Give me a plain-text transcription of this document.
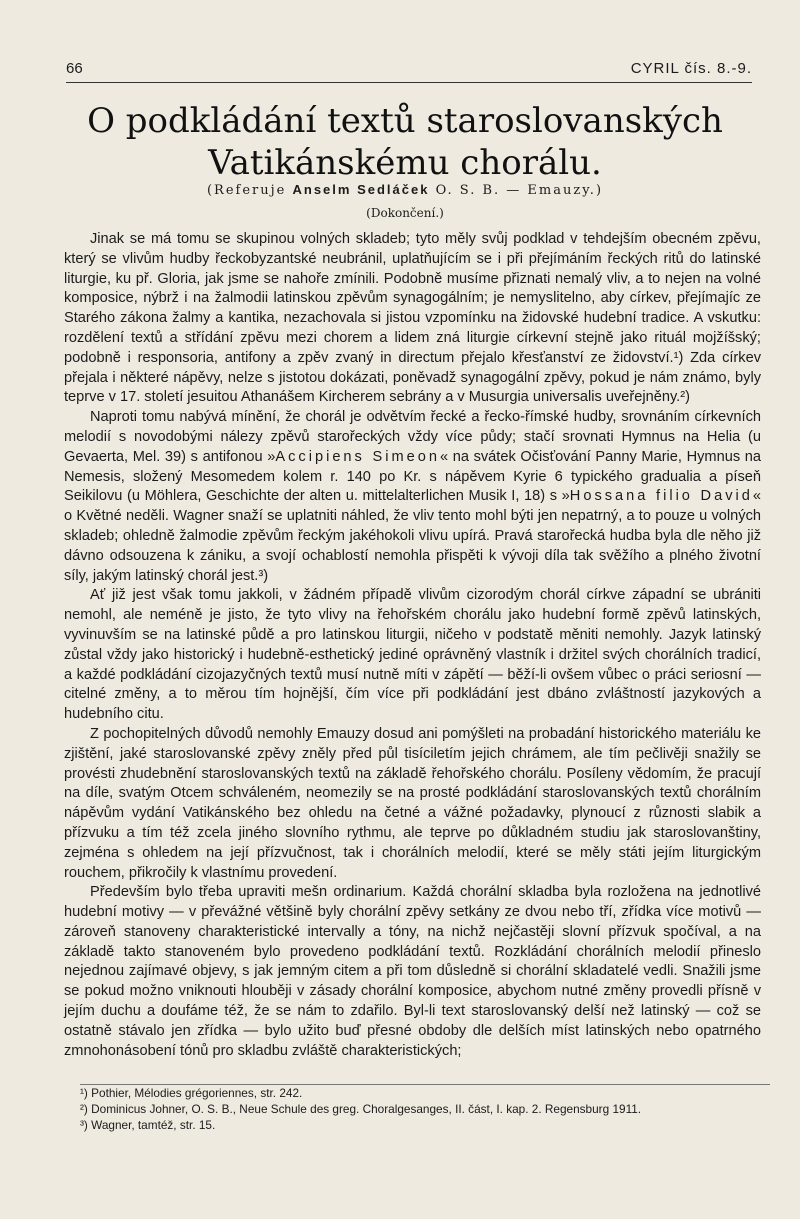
66	CYRIL čís. 8.-9.
O podkládání textů staroslovanských
Vatikánskému chorálu.

(Referuje Anselm Sedláček O. S. B. — Emauzy.)

(Dokončení.)

Jinak se má tomu se skupinou volných skladeb; tyto měly svůj podklad v tehdejším obecném zpěvu, který se vlivům hudby řeckobyzantské neubránil, uplatňujícím se i při přejímáním řeckých ritů do latinské liturgie, ku př. Gloria, jak jsme se nahoře zmínili. Podobně musíme přiznati nemalý vliv, a to nejen na volné komposice, nýbrž i na žalmodii latinskou zpěvům synagogálním; je nemyslitelno, aby církev, přejímajíc ze Starého zákona žalmy a kantika, nezachovala si jistou vzpomínku na židovské hudební tradice. A vskutku: rozdělení textů a střídání zpěvu mezi chorem a lidem zná liturgie církevní stejně jako rituál mojžíšský; podobně i responsoria, antifony a zpěv zvaný in directum přejalo křesťanství ze židovství.¹) Zda církev přejala i některé nápěvy, nelze s jistotou dokázati, poněvadž synagogální zpěvy, pokud je nám známo, byly teprve v 17. století jesuitou Athanášem Kircherem sebrány a v Musurgia universalis uveřejněny.²)

Naproti tomu nabývá mínění, že chorál je odvětvím řecké a řecko-římské hudby, srovnáním církevních melodií s novodobými nálezy zpěvů starořeckých vždy více půdy; stačí srovnati Hymnus na Helia (u Gevaerta, Mel. 39) s antifonou »Accipiens Simeon« na svátek Očisťování Panny Marie, Hymnus na Nemesis, složený Mesomedem kolem r. 140 po Kr. s nápěvem Kyrie 6 typického gradualia a píseň Seikilovu (u Möhlera, Geschichte der alten u. mittelalterlichen Musik I, 18) s »Hossana filio David« o Květné neděli. Wagner snaží se uplatniti náhled, že vliv tento mohl býti jen nepatrný, a to pouze u volných skladeb; ohledně žalmodie zpěvům řeckým jakéhokoli vlivu upírá. Pravá starořecká hudba byla dle něho již dávno odsouzena k zániku, a svojí ochablostí nemohla přispěti k vývoji díla tak svěžího a plného životní síly, jakým latinský chorál jest.³)

Ať již jest však tomu jakkoli, v žádném případě vlivům cizorodým chorál církve západní se ubrániti nemohl, ale neméně je jisto, že tyto vlivy na řehořském chorálu jako hudební formě zpěvů latinských, vyvinuvším se na latinské půdě a pro latinskou liturgii, ničeho v podstatě měniti nemohly. Jazyk latinský zůstal vždy jako historický i hudebně-esthetický jediné oprávněný vlastník i držitel svých chorálních tradicí, a každé podkládání cizojazyčných textů musí nutně míti v zápětí — běží-li ovšem vůbec o práci seriosní — citelné změny, a to měrou tím hojnější, čím více při podkládání jest dbáno zvláštností jazykových a hudebního citu.

Z pochopitelných důvodů nemohly Emauzy dosud ani pomýšleti na probadání historického materiálu ke zjištění, jaké staroslovanské zpěvy zněly před půl tisíciletím jejich chrámem, ale tím pečlivěji snažily se provésti zhudebnění staroslovanských textů na základě řehořského chorálu. Posíleny vědomím, že pracují na díle, svatým Otcem schváleném, neomezily se na prosté podkládání staroslovanských textů chorálním nápěvům vydání Vatikánského bez ohledu na četné a vážné požadavky, plynoucí z různosti slabik a přízvuku a tím též zcela jiného slovního rythmu, ale teprve po důkladném studiu jak staroslovanštiny, zejména s ohledem na její přízvučnost, tak i chorálních melodií, které se měly státi jejím liturgickým rouchem, přikročily k vlastnímu provedení.

Především bylo třeba upraviti mešn ordinarium. Každá chorální skladba byla rozložena na jednotlivé hudební motivy — v převážné většině byly chorální zpěvy setkány ze dvou nebo tří, zřídka více motivů — zároveň stanoveny charakteristické intervally a tóny, na nichž nejčastěji slovní přízvuk spočíval, a na základě takto stanoveném bylo provedeno podkládání textů. Rozkládání chorálních melodií přineslo nejednou zajímavé objevy, s jak jemným citem a při tom důsledně si chorální skladatelé vedli. Snažili jsme se pokud možno vniknouti hlouběji v zásady chorální komposice, abychom nutné změny provedli přísně v jejím duchu a doufáme též, že se nám to zdařilo. Byl-li text staroslovanský delší než latinský — což se ostatně stávalo jen zřídka — bylo užito buď přesné obdoby dle delších míst latinských nebo opatrného zmnohonásobení tónů pro skladbu zvláště charakteristických;

¹) Pothier, Mélodies grégoriennes, str. 242.
²) Dominicus Johner, O. S. B., Neue Schule des greg. Choralgesanges, II. část, I. kap. 2. Regensburg 1911.
³) Wagner, tamtéž, str. 15.
